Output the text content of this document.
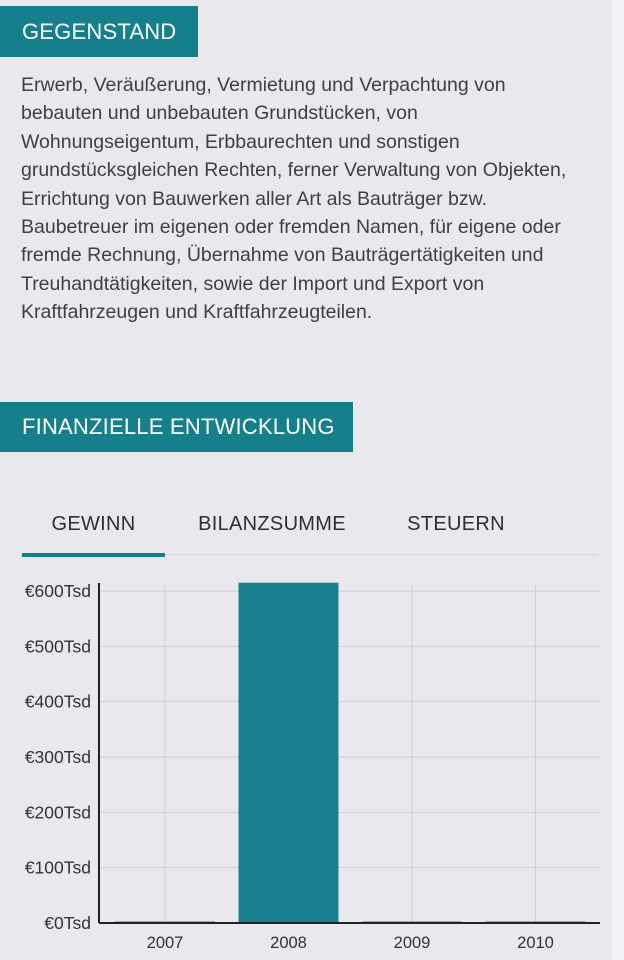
GEGENSTAND
Erwerb, Veräußerung, Vermietung und Verpachtung von bebauten und unbebauten Grundstücken, von Wohnungseigentum, Erbbaurechten und sonstigen grundstücksgleichen Rechten, ferner Verwaltung von Objekten, Errichtung von Bauwerken aller Art als Bauträger bzw. Baubetreuer im eigenen oder fremden Namen, für eigene oder fremde Rechnung, Übernahme von Bauträgertätigkeiten und Treuhandtätigkeiten, sowie der Import und Export von Kraftfahrzeugen und Kraftfahrzeugteilen.
FINANZIELLE ENTWICKLUNG
GEWINN	BILANZSUMME	STEUERN
€0Tsd
€100Tsd
€200Tsd
€300Tsd
€400Tsd
€500Tsd
€600Tsd
2007	2008	2009	2010
